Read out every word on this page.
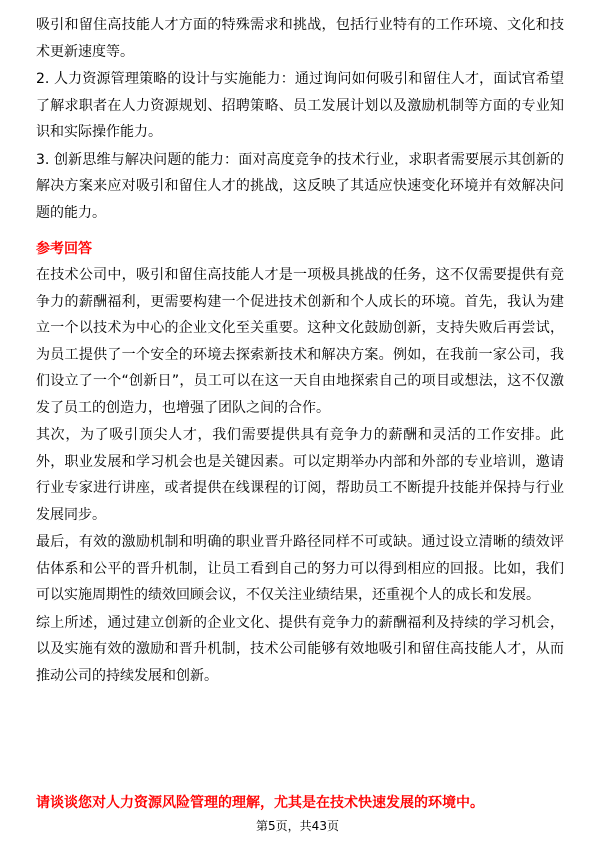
吸引和留住高技能人才方面的特殊需求和挑战，包括行业特有的工作环境、文化和技术更新速度等。

2. 人力资源管理策略的设计与实施能力：通过询问如何吸引和留住人才，面试官希望了解求职者在人力资源规划、招聘策略、员工发展计划以及激励机制等方面的专业知识和实际操作能力。

3. 创新思维与解决问题的能力：面对高度竞争的技术行业，求职者需要展示其创新的解决方案来应对吸引和留住人才的挑战，这反映了其适应快速变化环境并有效解决问题的能力。

参考回答

在技术公司中，吸引和留住高技能人才是一项极具挑战的任务，这不仅需要提供有竞争力的薪酬福利，更需要构建一个促进技术创新和个人成长的环境。首先，我认为建立一个以技术为中心的企业文化至关重要。这种文化鼓励创新，支持失败后再尝试，为员工提供了一个安全的环境去探索新技术和解决方案。例如，在我前一家公司，我们设立了一个“创新日”，员工可以在这一天自由地探索自己的项目或想法，这不仅激发了员工的创造力，也增强了团队之间的合作。

其次，为了吸引顶尖人才，我们需要提供具有竞争力的薪酬和灵活的工作安排。此外，职业发展和学习机会也是关键因素。可以定期举办内部和外部的专业培训，邀请行业专家进行讲座，或者提供在线课程的订阅，帮助员工不断提升技能并保持与行业发展同步。

最后，有效的激励机制和明确的职业晋升路径同样不可或缺。通过设立清晰的绩效评估体系和公平的晋升机制，让员工看到自己的努力可以得到相应的回报。比如，我们可以实施周期性的绩效回顾会议，不仅关注业绩结果，还重视个人的成长和发展。

综上所述，通过建立创新的企业文化、提供有竞争力的薪酬福利及持续的学习机会，以及实施有效的激励和晋升机制，技术公司能够有效地吸引和留住高技能人才，从而推动公司的持续发展和创新。

请谈谈您对人力资源风险管理的理解，尤其是在技术快速发展的环境中。

第5页，共43页
